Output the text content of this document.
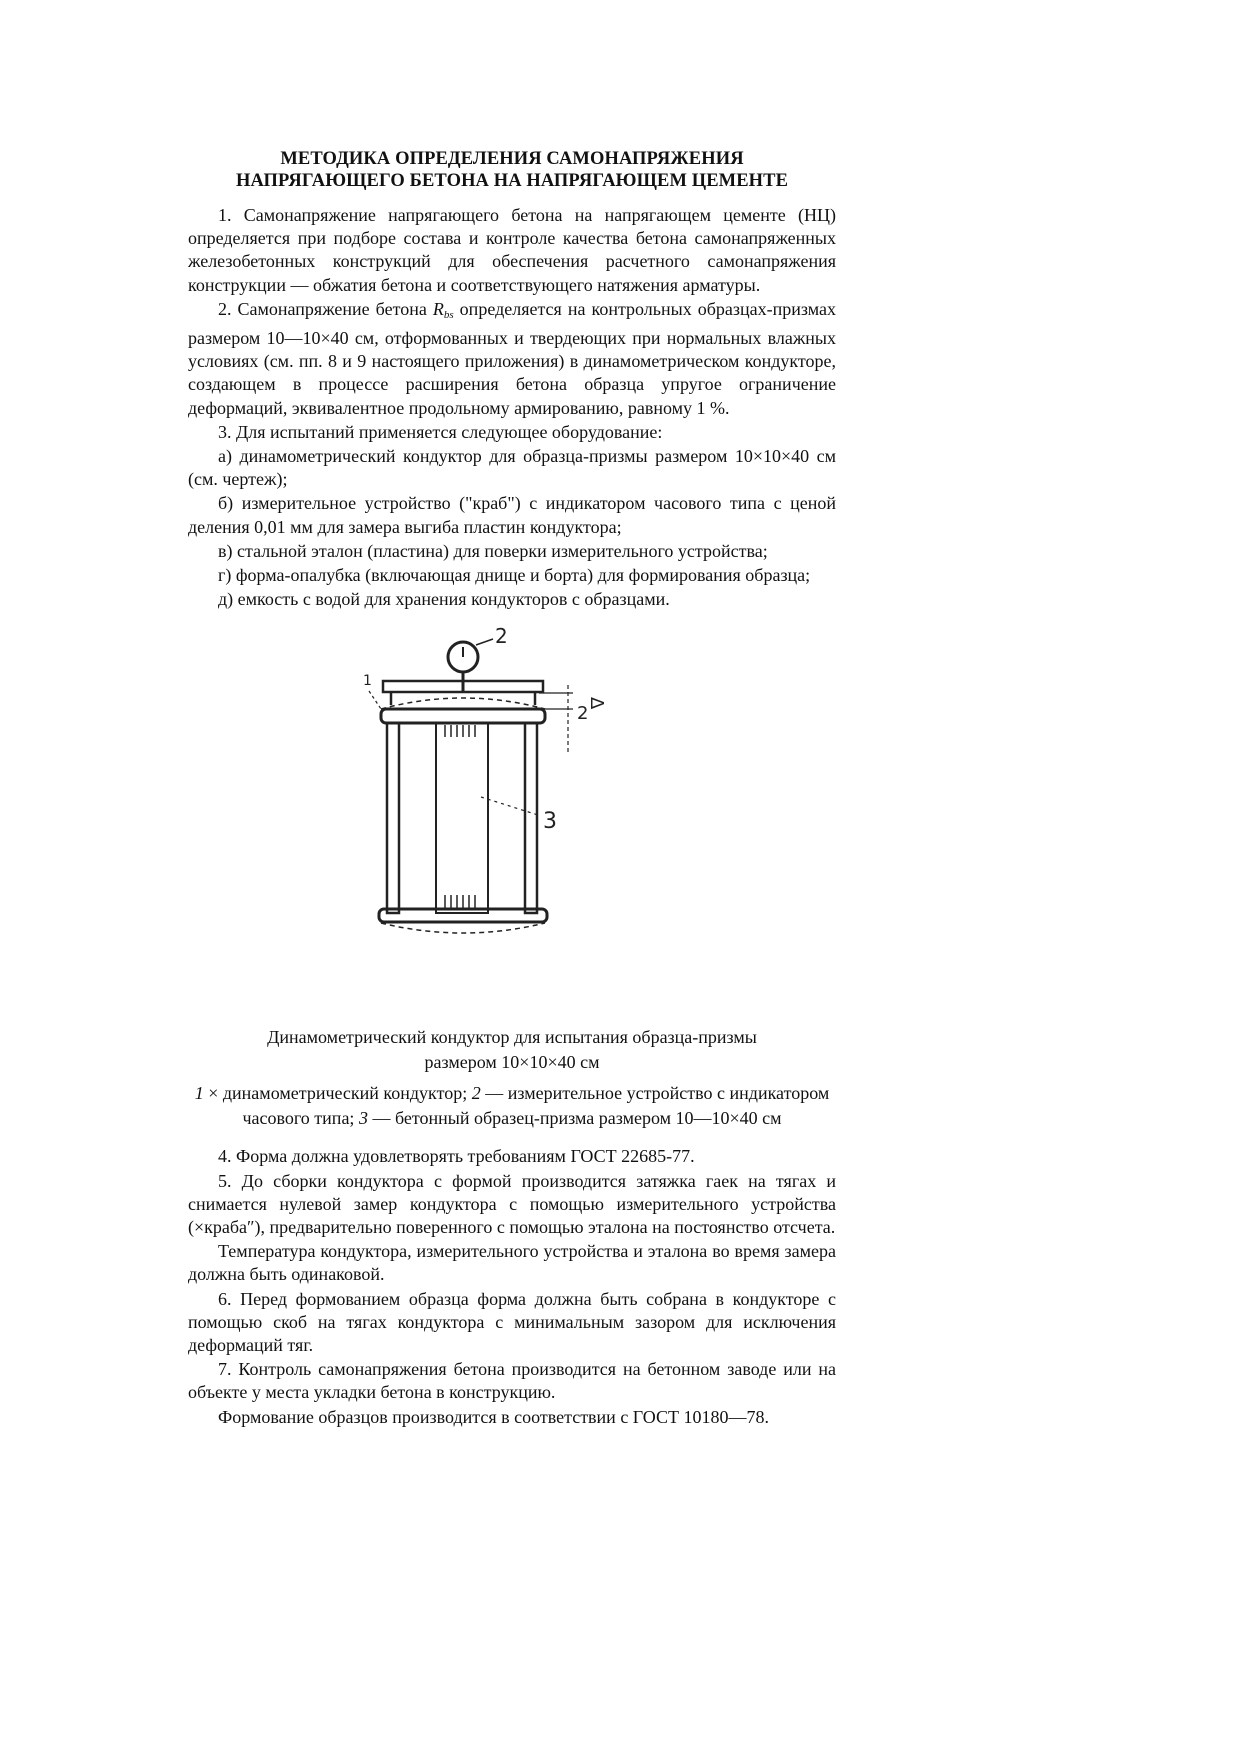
МЕТОДИКА ОПРЕДЕЛЕНИЯ САМОНАПРЯЖЕНИЯ
НАПРЯГАЮЩЕГО БЕТОНА НА НАПРЯГАЮЩЕМ ЦЕМЕНТЕ

1. Самонапряжение напрягающего бетона на напрягающем цементе (НЦ) определяется при подборе состава и контроле качества бетона самонапряженных железобетонных конструкций для обеспечения расчетного самонапряжения конструкции — обжатия бетона и соответствующего натяжения арматуры.

2. Самонапряжение бетона $R_{bs}$ определяется на контрольных образцах-призмах размером 10—10×40 см, отформованных и твердеющих при нормальных влажных условиях (см. пп. 8 и 9 настоящего приложения) в динамометрическом кондукторе, создающем в процессе расширения бетона образца упругое ограничение деформаций, эквивалентное продольному армированию, равному 1 %.

3. Для испытаний применяется следующее оборудование:

а) динамометрический кондуктор для образца-призмы размером 10×10×40 см (см. чертеж);

б) измерительное устройство ("краб") с индикатором часового типа с ценой деления 0,01 мм для замера выгиба пластин кондуктора;

в) стальной эталон (пластина) для поверки измерительного устройства;

г) форма-опалубка (включающая днище и борта) для формирования образца;

д) емкость с водой для хранения кондукторов с образцами.

2
1
Δ
2
3
Динамометрический кондуктор для испытания образца-призмы
размером 10×10×40 см
1 × динамометрический кондуктор; 2 — измерительное устройство с индикатором часового типа; 3 — бетонный образец-призма размером 10—10×40 см

4. Форма должна удовлетворять требованиям ГОСТ 22685-77.

5. До сборки кондуктора с формой производится затяжка гаек на тягах и снимается нулевой замер кондуктора с помощью измерительного устройства (×краба″), предварительно поверенного с помощью эталона на постоянство отсчета.

Температура кондуктора, измерительного устройства и эталона во время замера должна быть одинаковой.

6. Перед формованием образца форма должна быть собрана в кондукторе с помощью скоб на тягах кондуктора с минимальным зазором для исключения деформаций тяг.

7. Контроль самонапряжения бетона производится на бетонном заводе или на объекте у места укладки бетона в конструкцию.

Формование образцов производится в соответствии с ГОСТ 10180—78.
